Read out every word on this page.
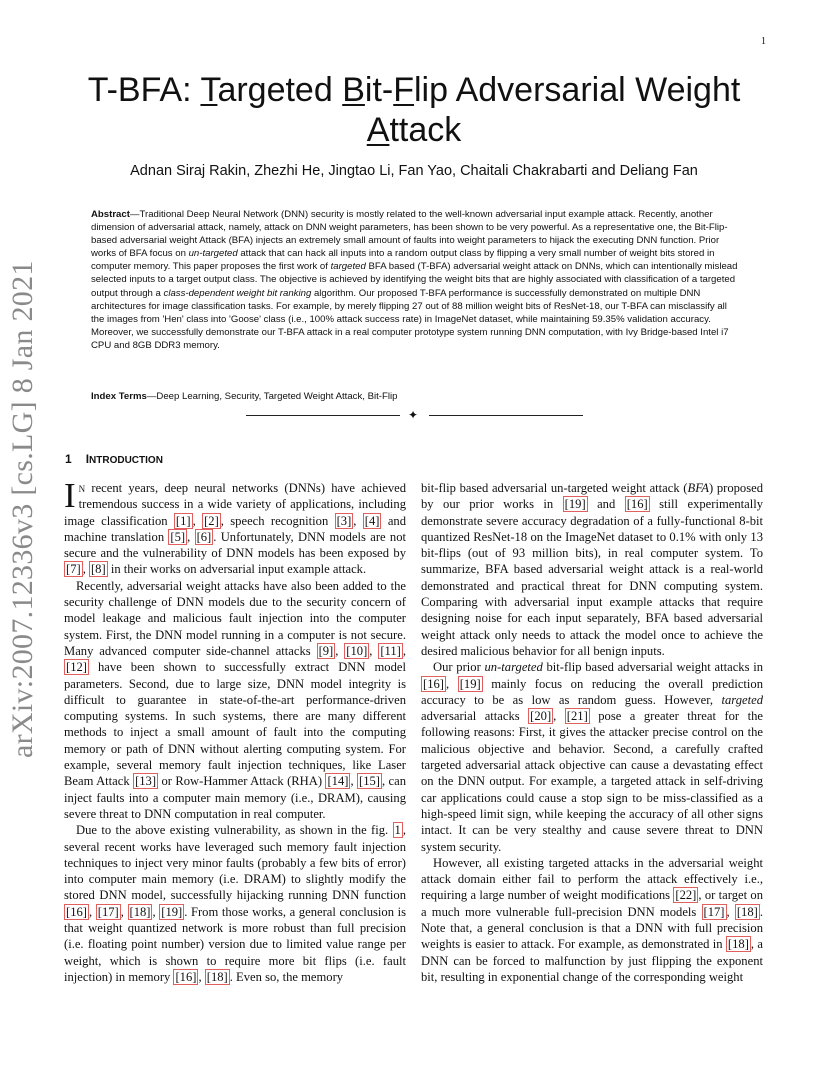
1
arXiv:2007.12336v3 [cs.LG] 8 Jan 2021
T-BFA: Targeted Bit-Flip Adversarial Weight
Attack
Adnan Siraj Rakin, Zhezhi He, Jingtao Li, Fan Yao, Chaitali Chakrabarti and Deliang Fan

Abstract—Traditional Deep Neural Network (DNN) security is mostly related to the well-known adversarial input example attack. Recently, another dimension of adversarial attack, namely, attack on DNN weight parameters, has been shown to be very powerful. As a representative one, the Bit-Flip-based adversarial weight Attack (BFA) injects an extremely small amount of faults into weight parameters to hijack the executing DNN function. Prior works of BFA focus on un-targeted attack that can hack all inputs into a random output class by flipping a very small number of weight bits stored in computer memory. This paper proposes the first work of targeted BFA based (T-BFA) adversarial weight attack on DNNs, which can intentionally mislead selected inputs to a target output class. The objective is achieved by identifying the weight bits that are highly associated with classification of a targeted output through a class-dependent weight bit ranking algorithm. Our proposed T-BFA performance is successfully demonstrated on multiple DNN architectures for image classification tasks. For example, by merely flipping 27 out of 88 million weight bits of ResNet-18, our T-BFA can misclassify all the images from 'Hen' class into 'Goose' class (i.e., 100% attack success rate) in ImageNet dataset, while maintaining 59.35% validation accuracy. Moreover, we successfully demonstrate our T-BFA attack in a real computer prototype system running DNN computation, with Ivy Bridge-based Intel i7 CPU and 8GB DDR3 memory.

Index Terms—Deep Learning, Security, Targeted Weight Attack, Bit-Flip

✦
1 INTRODUCTION

In recent years, deep neural networks (DNNs) have achieved tremendous success in a wide variety of applications, including image classification [1] , [2] , speech recognition [3] , [4] and machine translation [5] , [6] . Unfortunately, DNN models are not secure and the vulnerability of DNN models has been exposed by [7] , [8] in their works on adversarial input example attack.

Recently, adversarial weight attacks have also been added to the security challenge of DNN models due to the security concern of model leakage and malicious fault injection into the computer system. First, the DNN model running in a computer is not secure. Many advanced computer side-channel attacks [9] , [10] , [11] , [12] have been shown to successfully extract DNN model parameters. Second, due to large size, DNN model integrity is difficult to guarantee in state-of-the-art performance-driven computing systems. In such systems, there are many different methods to inject a small amount of fault into the computing memory or path of DNN without alerting computing system. For example, several memory fault injection techniques, like Laser Beam Attack [13] or Row-Hammer Attack (RHA) [14] , [15] , can inject faults into a computer main memory (i.e., DRAM), causing severe threat to DNN computation in real computer.

Due to the above existing vulnerability, as shown in the fig. 1 , several recent works have leveraged such memory fault injection techniques to inject very minor faults (probably a few bits of error) into computer main memory (i.e. DRAM) to slightly modify the stored DNN model, successfully hijacking running DNN function [16] , [17] , [18] , [19] . From those works, a general conclusion is that weight quantized network is more robust than full precision (i.e. floating point number) version due to limited value range per weight, which is shown to require more bit flips (i.e. fault injection) in memory [16] , [18] . Even so, the memory

bit-flip based adversarial un-targeted weight attack (BFA) proposed by our prior works in [19] and [16] still experimentally demonstrate severe accuracy degradation of a fully-functional 8-bit quantized ResNet-18 on the ImageNet dataset to 0.1% with only 13 bit-flips (out of 93 million bits), in real computer system. To summarize, BFA based adversarial weight attack is a real-world demonstrated and practical threat for DNN computing system. Comparing with adversarial input example attacks that require designing noise for each input separately, BFA based adversarial weight attack only needs to attack the model once to achieve the desired malicious behavior for all benign inputs.

Our prior un-targeted bit-flip based adversarial weight attacks in [16] , [19] mainly focus on reducing the overall prediction accuracy to be as low as random guess. However, targeted adversarial attacks [20] , [21] pose a greater threat for the following reasons: First, it gives the attacker precise control on the malicious objective and behavior. Second, a carefully crafted targeted adversarial attack objective can cause a devastating effect on the DNN output. For example, a targeted attack in self-driving car applications could cause a stop sign to be miss-classified as a high-speed limit sign, while keeping the accuracy of all other signs intact. It can be very stealthy and cause severe threat to DNN system security.

However, all existing targeted attacks in the adversarial weight attack domain either fail to perform the attack effectively i.e., requiring a large number of weight modifications [22] , or target on a much more vulnerable full-precision DNN models [17] , [18] . Note that, a general conclusion is that a DNN with full precision weights is easier to attack. For example, as demonstrated in [18] , a DNN can be forced to malfunction by just flipping the exponent bit, resulting in exponential change of the corresponding weight
